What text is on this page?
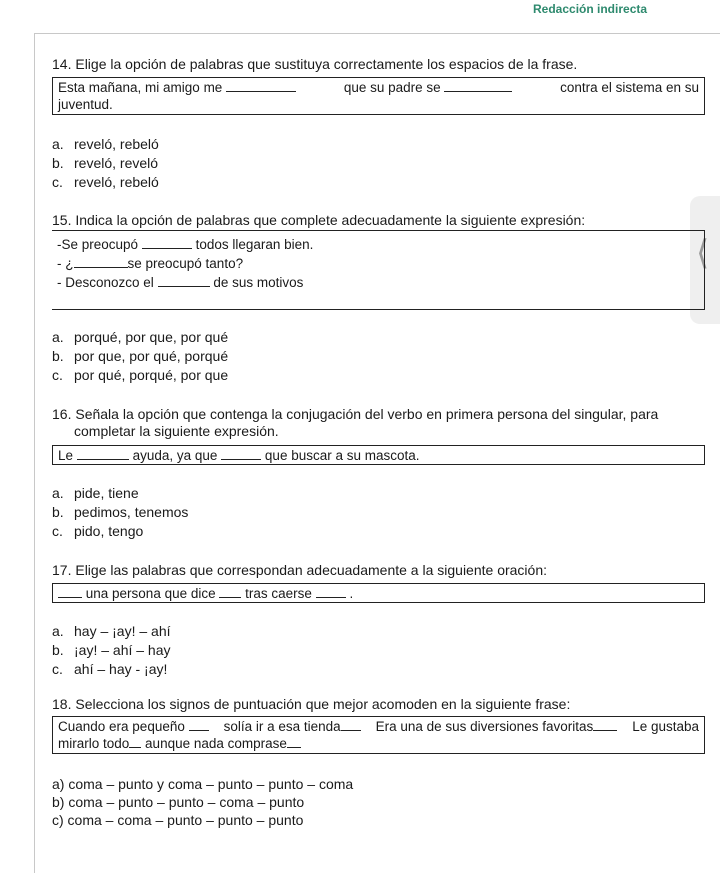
Redacción indirecta
⟨
14. Elige la opción de palabras que sustituya correctamente los espacios de la frase.
Esta mañana, mi amigo me	que su padre se	contra el sistema en su
juventud.
a. reveló, rebeló
b. reveló, reveló
c. reveló, rebeló
15. Indica la opción de palabras que complete adecuadamente la siguiente expresión:
-Se preocupó	todos llegaran bien.
- ¿	se preocupó tanto?
- Desconozco el	de sus motivos
a. porqué, por que, por qué
b. por que, por qué, porqué
c. por qué, porqué, por que
16. Señala la opción que contenga la conjugación del verbo en primera persona del singular, para
completar la siguiente expresión.
Le	ayuda, ya que	que buscar a su mascota.
a. pide, tiene
b. pedimos, tenemos
c. pido, tengo
17. Elige las palabras que correspondan adecuadamente a la siguiente oración:
una persona que dice tras caerse	.
a. hay – ¡ay! – ahí
b. ¡ay! – ahí – hay
c. ahí – hay - ¡ay!
18. Selecciona los signos de puntuación que mejor acomoden en la siguiente frase:
Cuando era pequeño	solía ir a esa tienda	Era una de sus diversiones favoritas	Le gustaba
mirarlo todo aunque nada comprase
a) coma – punto y coma – punto – punto – coma
b) coma – punto – punto – coma – punto
c) coma – coma – punto – punto – punto
